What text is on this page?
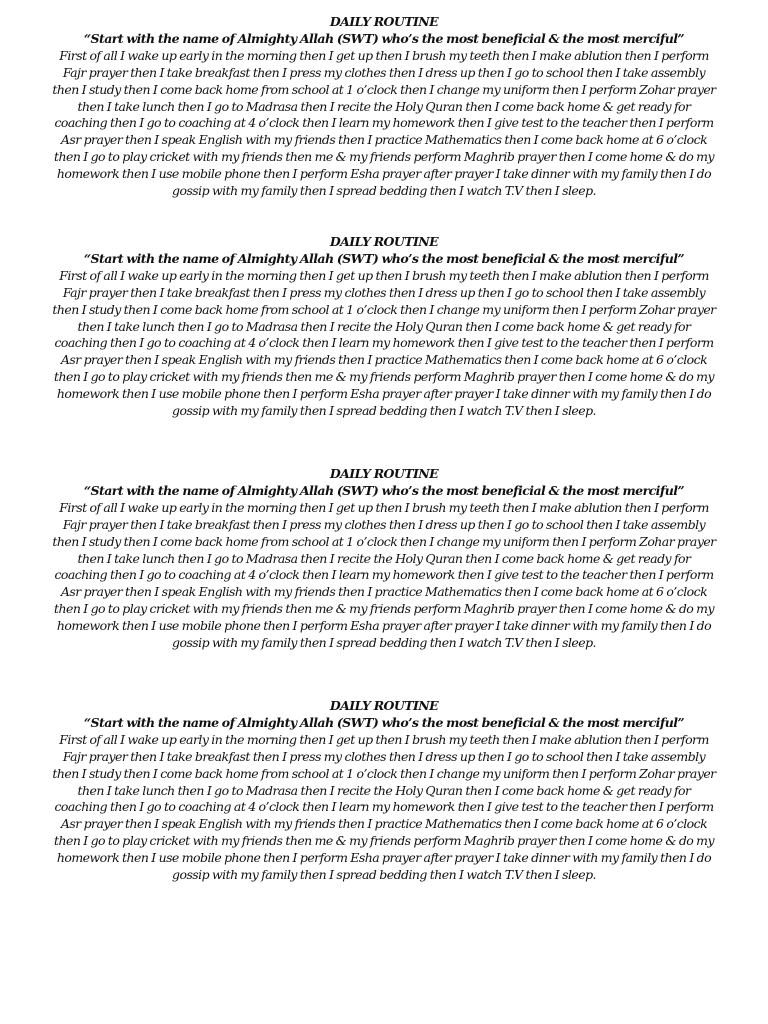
DAILY ROUTINE
“Start with the name of Almighty Allah (SWT) who’s the most beneficial & the most merciful”
First of all I wake up early in the morning then I get up then I brush my teeth then I make ablution then I perform
Fajr prayer then I take breakfast then I press my clothes then I dress up then I go to school then I take assembly
then I study then I come back home from school at 1 o’clock then I change my uniform then I perform Zohar prayer
then I take lunch then I go to Madrasa then I recite the Holy Quran then I come back home & get ready for
coaching then I go to coaching at 4 o’clock then I learn my homework then I give test to the teacher then I perform
Asr prayer then I speak English with my friends then I practice Mathematics then I come back home at 6 o’clock
then I go to play cricket with my friends then me & my friends perform Maghrib prayer then I come home & do my
homework then I use mobile phone then I perform Esha prayer after prayer I take dinner with my family then I do
gossip with my family then I spread bedding then I watch T.V then I sleep.
DAILY ROUTINE
“Start with the name of Almighty Allah (SWT) who’s the most beneficial & the most merciful”
First of all I wake up early in the morning then I get up then I brush my teeth then I make ablution then I perform
Fajr prayer then I take breakfast then I press my clothes then I dress up then I go to school then I take assembly
then I study then I come back home from school at 1 o’clock then I change my uniform then I perform Zohar prayer
then I take lunch then I go to Madrasa then I recite the Holy Quran then I come back home & get ready for
coaching then I go to coaching at 4 o’clock then I learn my homework then I give test to the teacher then I perform
Asr prayer then I speak English with my friends then I practice Mathematics then I come back home at 6 o’clock
then I go to play cricket with my friends then me & my friends perform Maghrib prayer then I come home & do my
homework then I use mobile phone then I perform Esha prayer after prayer I take dinner with my family then I do
gossip with my family then I spread bedding then I watch T.V then I sleep.
DAILY ROUTINE
“Start with the name of Almighty Allah (SWT) who’s the most beneficial & the most merciful”
First of all I wake up early in the morning then I get up then I brush my teeth then I make ablution then I perform
Fajr prayer then I take breakfast then I press my clothes then I dress up then I go to school then I take assembly
then I study then I come back home from school at 1 o’clock then I change my uniform then I perform Zohar prayer
then I take lunch then I go to Madrasa then I recite the Holy Quran then I come back home & get ready for
coaching then I go to coaching at 4 o’clock then I learn my homework then I give test to the teacher then I perform
Asr prayer then I speak English with my friends then I practice Mathematics then I come back home at 6 o’clock
then I go to play cricket with my friends then me & my friends perform Maghrib prayer then I come home & do my
homework then I use mobile phone then I perform Esha prayer after prayer I take dinner with my family then I do
gossip with my family then I spread bedding then I watch T.V then I sleep.
DAILY ROUTINE
“Start with the name of Almighty Allah (SWT) who’s the most beneficial & the most merciful”
First of all I wake up early in the morning then I get up then I brush my teeth then I make ablution then I perform
Fajr prayer then I take breakfast then I press my clothes then I dress up then I go to school then I take assembly
then I study then I come back home from school at 1 o’clock then I change my uniform then I perform Zohar prayer
then I take lunch then I go to Madrasa then I recite the Holy Quran then I come back home & get ready for
coaching then I go to coaching at 4 o’clock then I learn my homework then I give test to the teacher then I perform
Asr prayer then I speak English with my friends then I practice Mathematics then I come back home at 6 o’clock
then I go to play cricket with my friends then me & my friends perform Maghrib prayer then I come home & do my
homework then I use mobile phone then I perform Esha prayer after prayer I take dinner with my family then I do
gossip with my family then I spread bedding then I watch T.V then I sleep.
